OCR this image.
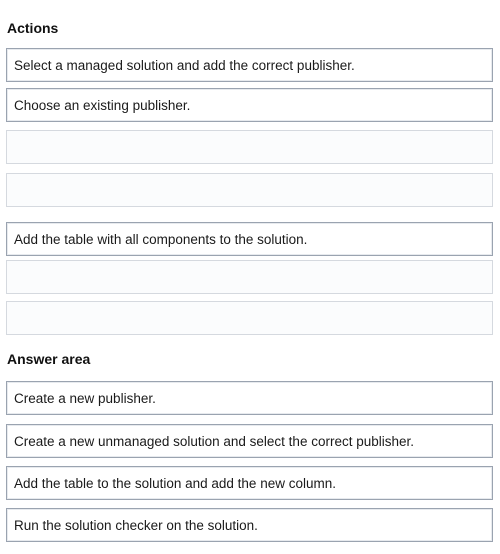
Actions
Select a managed solution and add the correct publisher.
Choose an existing publisher.
Add the table with all components to the solution.
Answer area
Create a new publisher.
Create a new unmanaged solution and select the correct publisher.
Add the table to the solution and add the new column.
Run the solution checker on the solution.
